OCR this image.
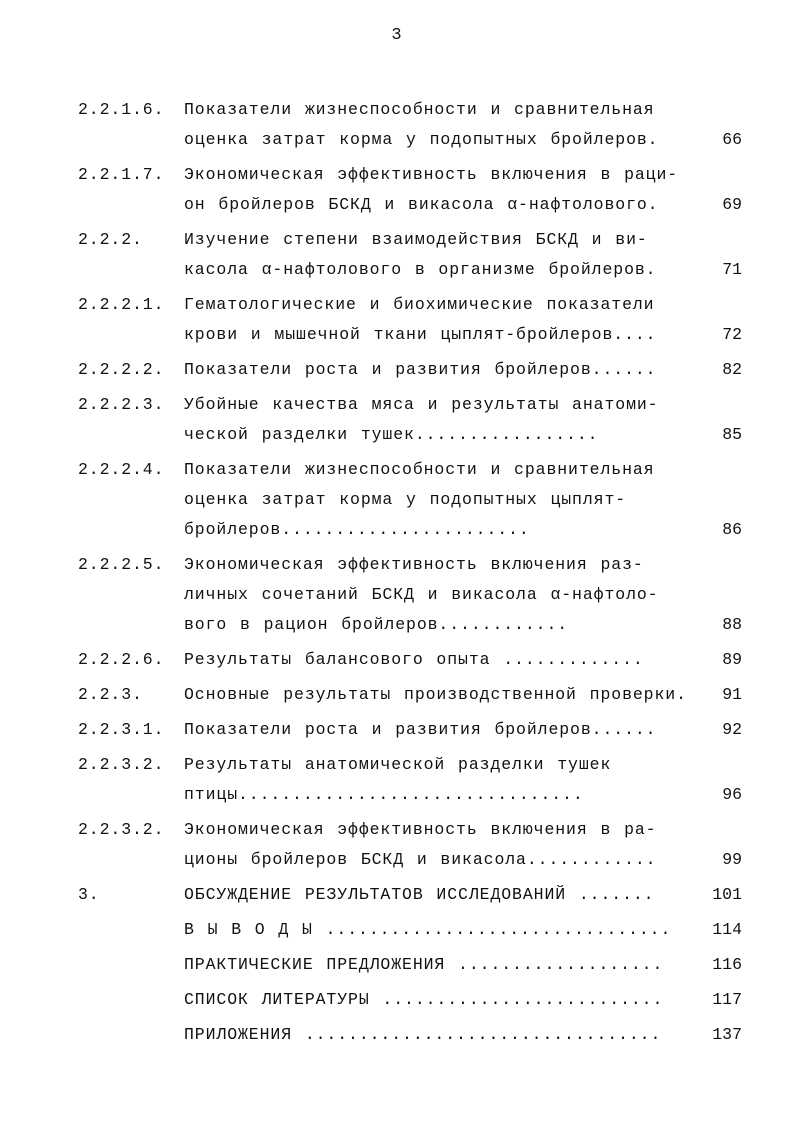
3
2.2.1.6. Показатели жизнеспособности и сравнительная
оценка затрат корма у подопытных бройлеров.	66
2.2.1.7. Экономическая эффективность включения в раци-
он бройлеров БСКД и викасола α-нафтолового.	69
2.2.2. Изучение степени взаимодействия БСКД и ви-
касола α-нафтолового в организме бройлеров.	71
2.2.2.1. Гематологические и биохимические показатели
крови и мышечной ткани цыплят-бройлеров....	72
2.2.2.2. Показатели роста и развития бройлеров......	82
2.2.2.3. Убойные качества мяса и результаты анатоми-
ческой разделки тушек.................	85
2.2.2.4. Показатели жизнеспособности и сравнительная
оценка затрат корма у подопытных цыплят-
бройлеров.......................	86
2.2.2.5. Экономическая эффективность включения раз-
личных сочетаний БСКД и викасола α-нафтоло-
вого в рацион бройлеров............	88
2.2.2.6. Результаты балансового опыта .............	89
2.2.3. Основные результаты производственной проверки. 91
2.2.3.1. Показатели роста и развития бройлеров......	92
2.2.3.2. Результаты анатомической разделки тушек
птицы................................	96
2.2.3.2. Экономическая эффективность включения в ра-
ционы бройлеров БСКД и викасола............	99
3.	ОБСУЖДЕНИЕ РЕЗУЛЬТАТОВ ИССЛЕДОВАНИЙ .......	101
В Ы В О Д Ы ................................	114
ПРАКТИЧЕСКИЕ ПРЕДЛОЖЕНИЯ ...................	116
СПИСОК ЛИТЕРАТУРЫ ..........................	117
ПРИЛОЖЕНИЯ .................................	137
